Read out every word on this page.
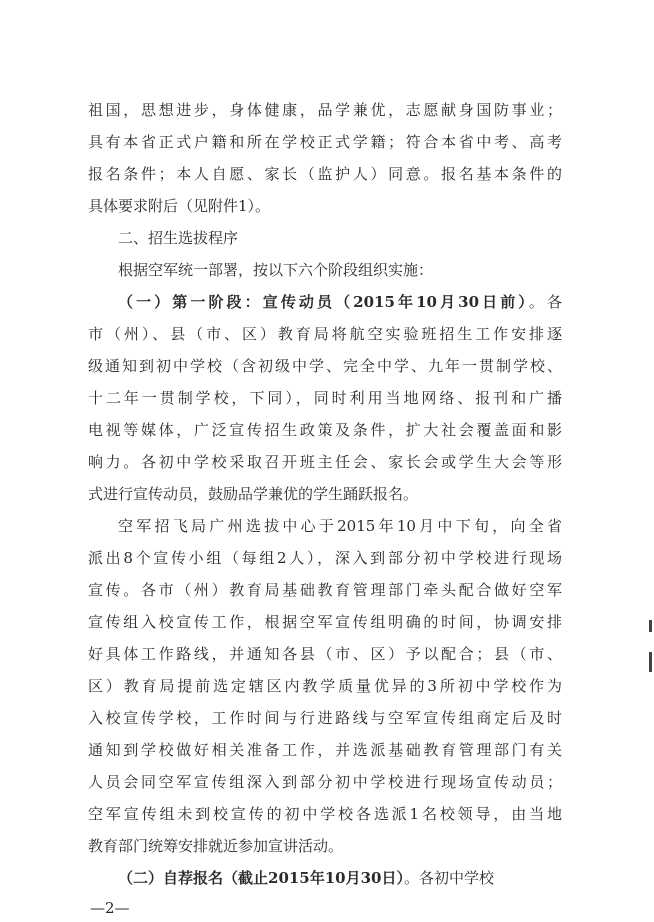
祖国，思想进步，身体健康，品学兼优，志愿献身国防事业；
具有本省正式户籍和所在学校正式学籍；符合本省中考、高考
报名条件；本人自愿、家长（监护人）同意。报名基本条件的
具体要求附后（见附件1）。
二、招生选拔程序
根据空军统一部署，按以下六个阶段组织实施：
（一）第一阶段：宣传动员（2015年10月30日前）。各
市（州）、县（市、区）教育局将航空实验班招生工作安排逐
级通知到初中学校（含初级中学、完全中学、九年一贯制学校、
十二年一贯制学校，下同），同时利用当地网络、报刊和广播
电视等媒体，广泛宣传招生政策及条件，扩大社会覆盖面和影
响力。各初中学校采取召开班主任会、家长会或学生大会等形
式进行宣传动员，鼓励品学兼优的学生踊跃报名。
空军招飞局广州选拔中心于2015年10月中下旬，向全省
派出8个宣传小组（每组2人），深入到部分初中学校进行现场
宣传。各市（州）教育局基础教育管理部门牵头配合做好空军
宣传组入校宣传工作，根据空军宣传组明确的时间，协调安排
好具体工作路线，并通知各县（市、区）予以配合；县（市、
区）教育局提前选定辖区内教学质量优异的3所初中学校作为
入校宣传学校，工作时间与行进路线与空军宣传组商定后及时
通知到学校做好相关准备工作，并选派基础教育管理部门有关
人员会同空军宣传组深入到部分初中学校进行现场宣传动员；
空军宣传组未到校宣传的初中学校各选派1名校领导，由当地
教育部门统筹安排就近参加宣讲活动。
（二）自荐报名（截止2015年10月30日）。各初中学校
—2—
